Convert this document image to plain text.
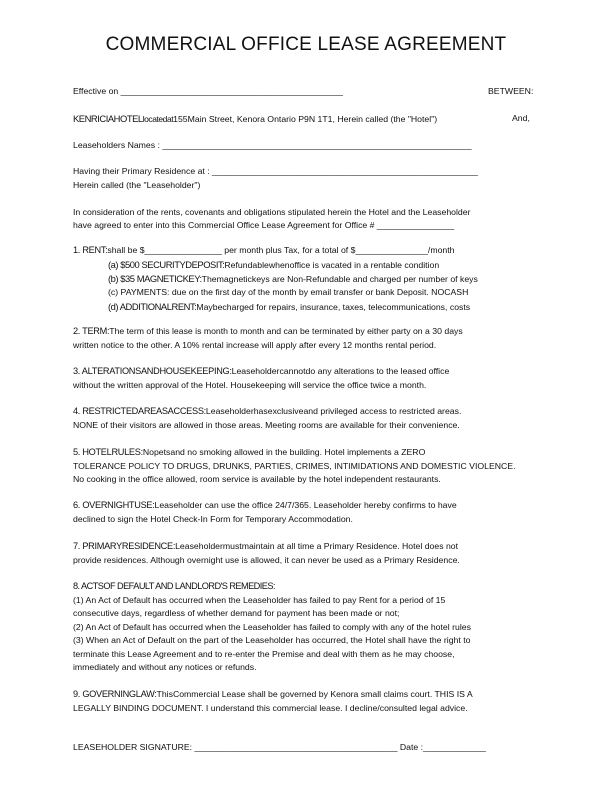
COMMERCIAL OFFICE LEASE AGREEMENT
Effective on ______________________________________________	BETWEEN:
KENRICIAHOTELlocatedat155Main Street, Kenora Ontario P9N 1T1, Herein called (the "Hotel")	And,
Leaseholders Names : ________________________________________________________________
Having their Primary Residence at : _______________________________________________________
Herein called (the "Leaseholder")
In consideration of the rents, covenants and obligations stipulated herein the Hotel and the Leaseholder
have agreed to enter into this Commercial Office Lease Agreement for Office # ________________
1. RENT:shall be $________________ per month plus Tax, for a total of $_______________/month
(a) $500 SECURITYDEPOSIT:Refundablewhenoffice is vacated in a rentable condition
(b) $35 MAGNETICKEY:Themagnetickeys are Non-Refundable and charged per number of keys
(c) PAYMENTS: due on the first day of the month by email transfer or bank Deposit. NOCASH
(d) ADDITIONALRENT:Maybecharged for repairs, insurance, taxes, telecommunications, costs
2. TERM:The term of this lease is month to month and can be terminated by either party on a 30 days
written notice to the other. A 10% rental increase will apply after every 12 months rental period.
3. ALTERATIONSANDHOUSEKEEPING:Leaseholdercannotdo any alterations to the leased office
without the written approval of the Hotel. Housekeeping will service the office twice a month.
4. RESTRICTEDAREASACCESS:Leaseholderhasexclusiveand privileged access to restricted areas.
NONE of their visitors are allowed in those areas. Meeting rooms are available for their convenience.
5. HOTELRULES:Nopetsand no smoking allowed in the building. Hotel implements a ZERO
TOLERANCE POLICY TO DRUGS, DRUNKS, PARTIES, CRIMES, INTIMIDATIONS AND DOMESTIC VIOLENCE.
No cooking in the office allowed, room service is available by the hotel independent restaurants.
6. OVERNIGHTUSE:Leaseholder can use the office 24/7/365. Leaseholder hereby confirms to have
declined to sign the Hotel Check-In Form for Temporary Accommodation.
7. PRIMARYRESIDENCE:Leaseholdermustmaintain at all time a Primary Residence. Hotel does not
provide residences. Although overnight use is allowed, it can never be used as a Primary Residence.
8. ACTSOF DEFAULT AND LANDLORD'S REMEDIES:
(1) An Act of Default has occurred when the Leaseholder has failed to pay Rent for a period of 15
consecutive days, regardless of whether demand for payment has been made or not;
(2) An Act of Default has occurred when the Leaseholder has failed to comply with any of the hotel rules
(3) When an Act of Default on the part of the Leaseholder has occurred, the Hotel shall have the right to
terminate this Lease Agreement and to re-enter the Premise and deal with them as he may choose,
immediately and without any notices or refunds.
9. GOVERNINGLAW:ThisCommercial Lease shall be governed by Kenora small claims court. THIS IS A
LEGALLY BINDING DOCUMENT. I understand this commercial lease. I decline/consulted legal advice.
LEASEHOLDER SIGNATURE: __________________________________________ Date :_____________
